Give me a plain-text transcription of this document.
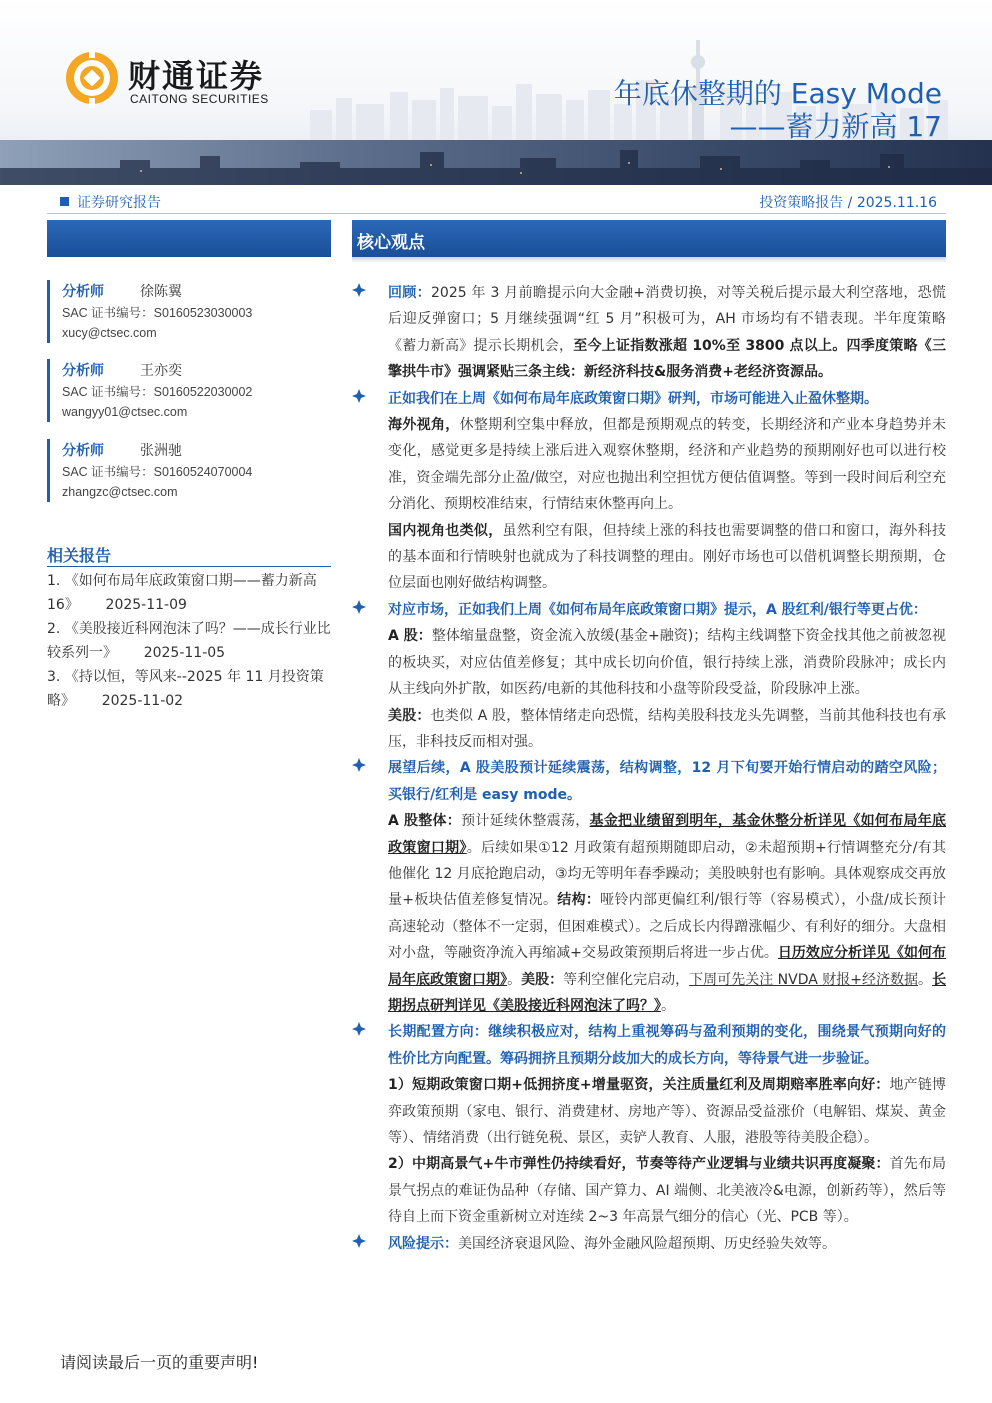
财通证券
CAITONG SECURITIES	年底休整期的 Easy Mode
——蓄力新高 17
证券研究报告	投资策略报告 / 2025.11.16
分析师	徐陈翼
SAC 证书编号：S0160523030003
xucy@ctsec.com
分析师	王亦奕
SAC 证书编号：S0160522030002
wangyy01@ctsec.com
分析师	张洲驰
SAC 证书编号：S0160524070004
zhangzc@ctsec.com
相关报告
1. 《如何布局年底政策窗口期——蓄力新高 16》 2025-11-09
2. 《美股接近科网泡沫了吗？——成长行业比较系列一》 2025-11-05
3. 《持以恒，等风来--2025 年 11 月投资策略》 2025-11-02
核心观点
回顾：2025 年 3 月前瞻提示向大金融+消费切换，对等关税后提示最大利空落地，恐慌后迎反弹窗口；5 月继续强调“红 5 月”积极可为，AH 市场均有不错表现。半年度策略《蓄力新高》提示长期机会，至今上证指数涨超 10%至 3800 点以上。四季度策略《三擎拱牛市》强调紧贴三条主线：新经济科技&服务消费+老经济资源品。
正如我们在上周《如何布局年底政策窗口期》研判，市场可能进入止盈休整期。
海外视角，休整期利空集中释放，但都是预期观点的转变，长期经济和产业本身趋势并未变化，感觉更多是持续上涨后进入观察休整期，经济和产业趋势的预期刚好也可以进行校准，资金端先部分止盈/做空，对应也抛出利空担忧方便估值调整。等到一段时间后利空充分消化、预期校准结束，行情结束休整再向上。
国内视角也类似，虽然利空有限，但持续上涨的科技也需要调整的借口和窗口，海外科技的基本面和行情映射也就成为了科技调整的理由。刚好市场也可以借机调整长期预期，仓位层面也刚好做结构调整。
对应市场，正如我们上周《如何布局年底政策窗口期》提示，A 股红利/银行等更占优：
A 股：整体缩量盘整，资金流入放缓(基金+融资)；结构主线调整下资金找其他之前被忽视的板块买，对应估值差修复；其中成长切向价值，银行持续上涨，消费阶段脉冲；成长内从主线向外扩散，如医药/电新的其他科技和小盘等阶段受益，阶段脉冲上涨。
美股：也类似 A 股，整体情绪走向恐慌，结构美股科技龙头先调整，当前其他科技也有承压，非科技反而相对强。
展望后续，A 股美股预计延续震荡，结构调整，12 月下旬要开始行情启动的踏空风险；买银行/红利是 easy mode。
A 股整体：预计延续休整震荡，基金把业绩留到明年，基金休整分析详见《如何布局年底政策窗口期》。后续如果①12 月政策有超预期随即启动，②未超预期+行情调整充分/有其他催化 12 月底抢跑启动，③均无等明年春季躁动；美股映射也有影响。具体观察成交再放量+板块估值差修复情况。结构：哑铃内部更偏红利/银行等（容易模式），小盘/成长预计高速轮动（整体不一定弱，但困难模式）。之后成长内得蹭涨幅少、有利好的细分。大盘相对小盘，等融资净流入再缩减+交易政策预期后将进一步占优。日历效应分析详见《如何布局年底政策窗口期》。美股：等利空催化完启动，下周可先关注 NVDA 财报+经济数据。长期拐点研判详见《美股接近科网泡沫了吗？》。
长期配置方向：继续积极应对，结构上重视筹码与盈利预期的变化，围绕景气预期向好的性价比方向配置。筹码拥挤且预期分歧加大的成长方向，等待景气进一步验证。
1）短期政策窗口期+低拥挤度+增量驱资，关注质量红利及周期赔率胜率向好：地产链博弈政策预期（家电、银行、消费建材、房地产等）、资源品受益涨价（电解铝、煤炭、黄金等）、情绪消费（出行链免税、景区，卖铲人教育、人服，港股等待美股企稳）。
2）中期高景气+牛市弹性仍持续看好，节奏等待产业逻辑与业绩共识再度凝聚：首先布局景气拐点的难证伪品种（存储、国产算力、AI 端侧、北美液冷&电源，创新药等），然后等待自上而下资金重新树立对连续 2~3 年高景气细分的信心（光、PCB 等）。
风险提示：美国经济衰退风险、海外金融风险超预期、历史经验失效等。
请阅读最后一页的重要声明!
